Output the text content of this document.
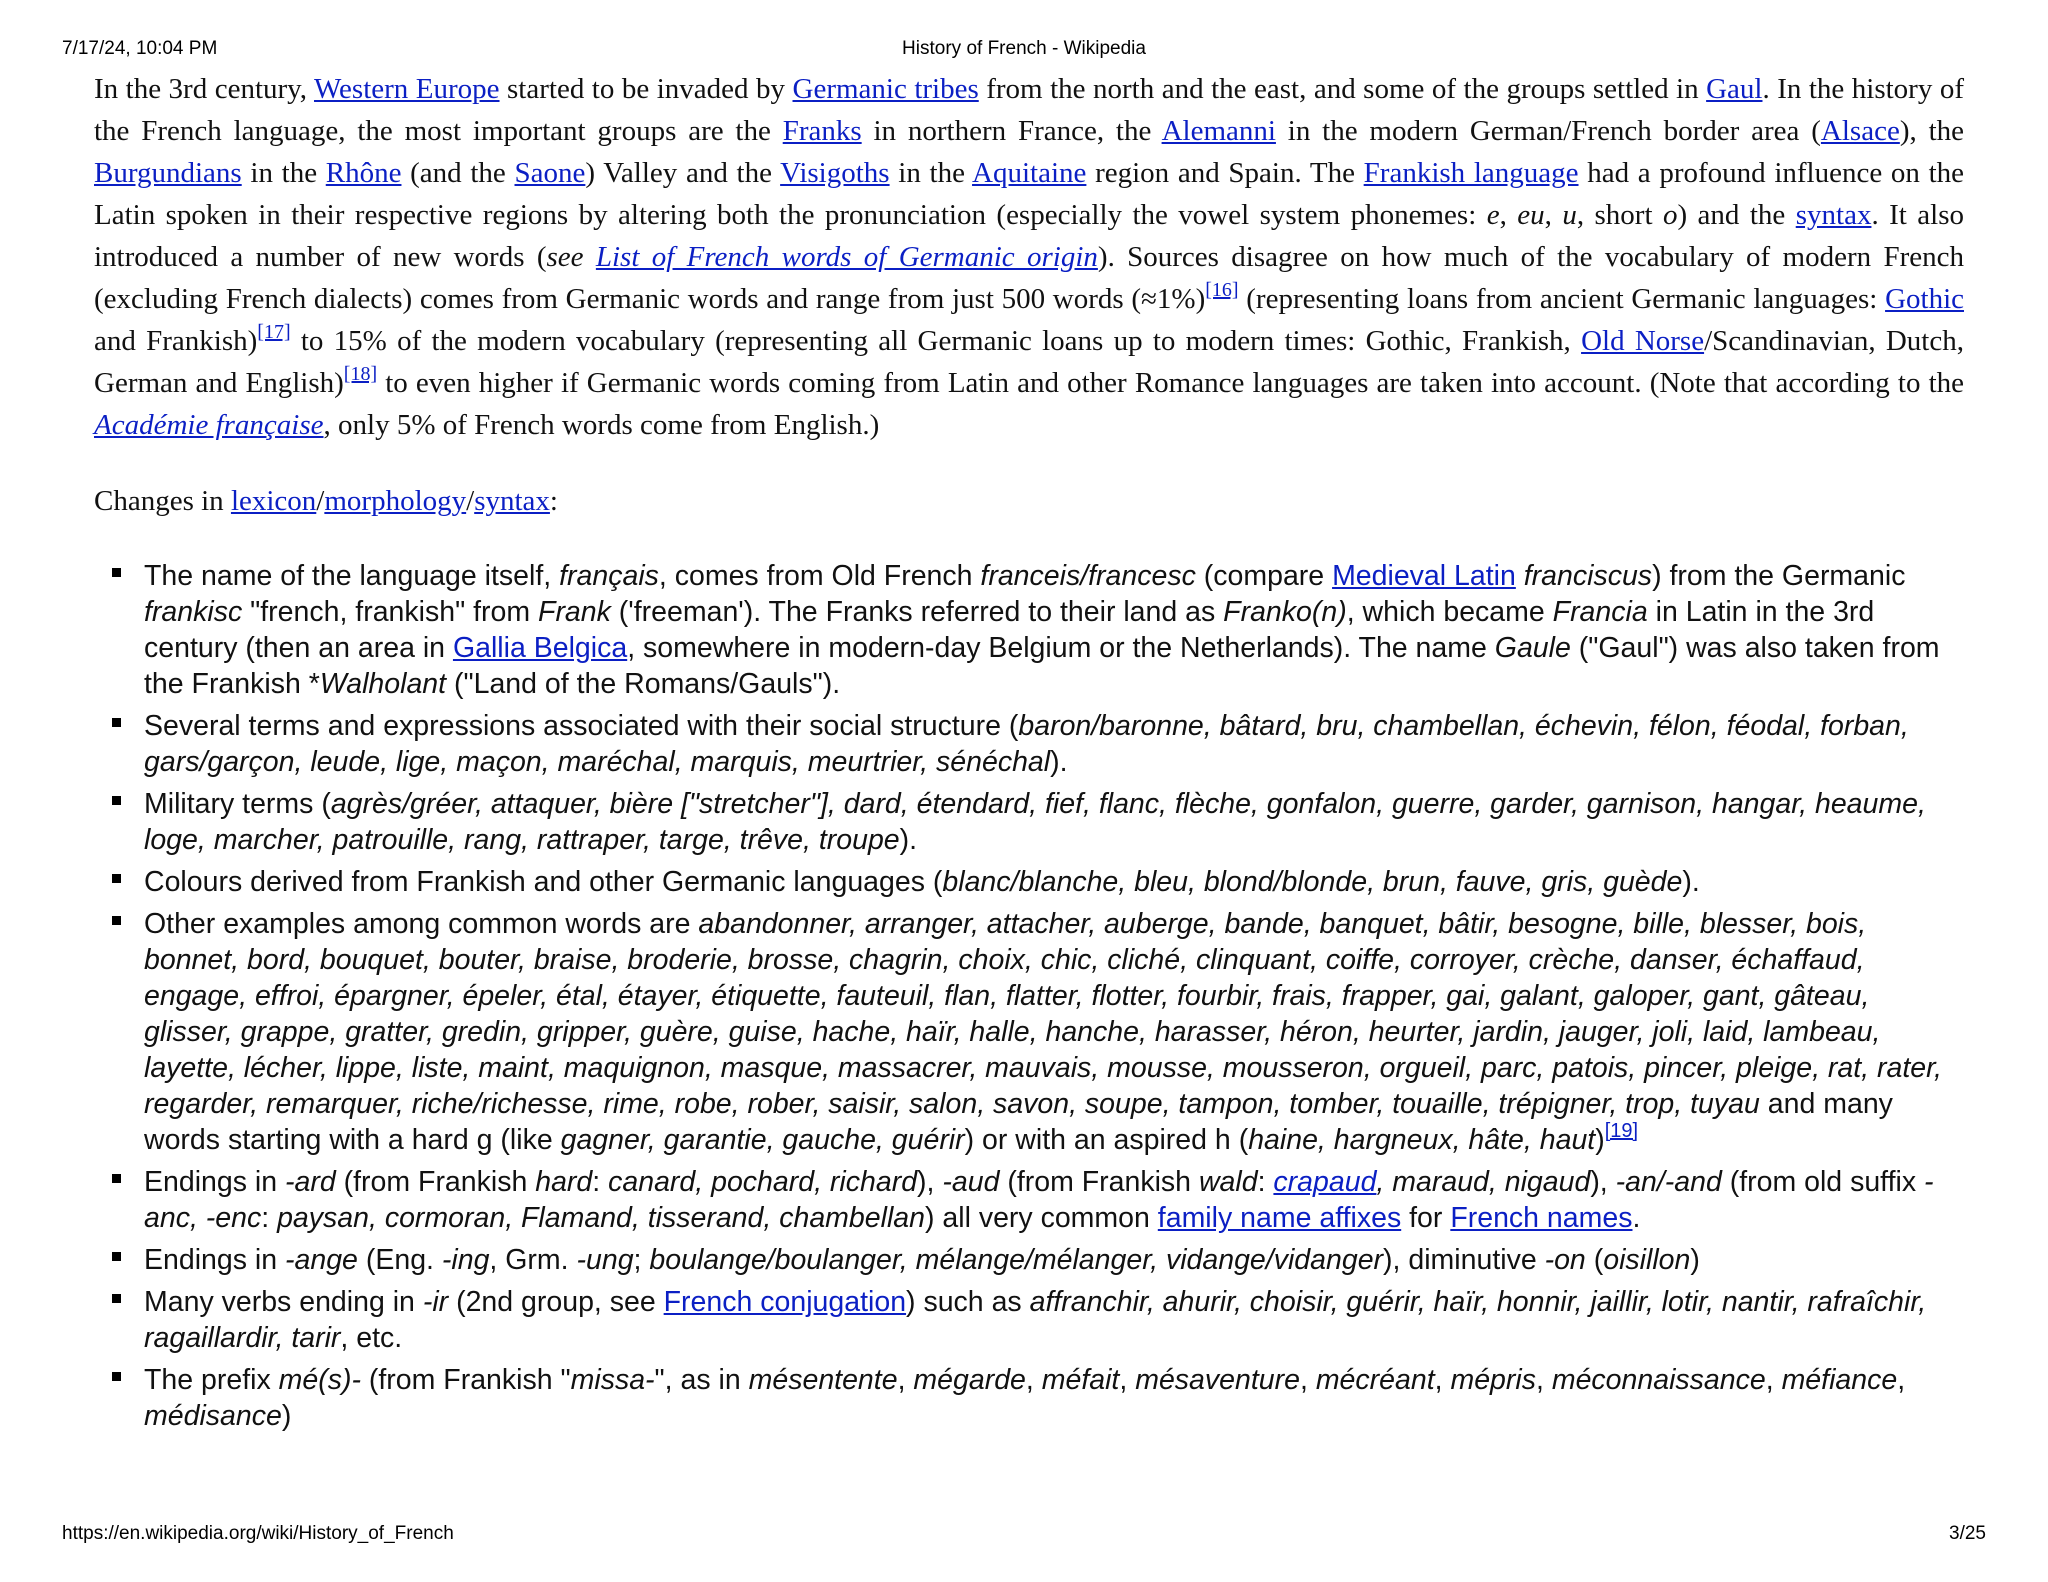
7/17/24, 10:04 PM	History of French - Wikipedia

In the 3rd century, Western Europe started to be invaded by Germanic tribes from the north and the east, and some of the groups settled in Gaul. In the history of the French language, the most important groups are the Franks in northern France, the Alemanni in the modern German/French border area (Alsace), the Burgundians in the Rhône (and the Saone) Valley and the Visigoths in the Aquitaine region and Spain. The Frankish language had a profound influence on the Latin spoken in their respective regions by altering both the pronunciation (especially the vowel system phonemes: e, eu, u, short o) and the syntax. It also introduced a number of new words (see List of French words of Germanic origin). Sources disagree on how much of the vocabulary of modern French (excluding French dialects) comes from Germanic words and range from just 500 words (≈1%)[16] (representing loans from ancient Germanic languages: Gothic and Frankish)[17] to 15% of the modern vocabulary (representing all Germanic loans up to modern times: Gothic, Frankish, Old Norse/Scandinavian, Dutch, German and English)[18] to even higher if Germanic words coming from Latin and other Romance languages are taken into account. (Note that according to the Académie française, only 5% of French words come from English.)

Changes in lexicon/morphology/syntax:

The name of the language itself, français, comes from Old French franceis/francesc (compare Medieval Latin franciscus) from the Germanic frankisc "french, frankish" from Frank ('freeman'). The Franks referred to their land as Franko(n), which became Francia in Latin in the 3rd century (then an area in Gallia Belgica, somewhere in modern-day Belgium or the Netherlands). The name Gaule ("Gaul") was also taken from the Frankish *Walholant ("Land of the Romans/Gauls").
Several terms and expressions associated with their social structure (baron/baronne, bâtard, bru, chambellan, échevin, félon, féodal, forban, gars/garçon, leude, lige, maçon, maréchal, marquis, meurtrier, sénéchal).
Military terms (agrès/gréer, attaquer, bière ["stretcher"], dard, étendard, fief, flanc, flèche, gonfalon, guerre, garder, garnison, hangar, heaume, loge, marcher, patrouille, rang, rattraper, targe, trêve, troupe).
Colours derived from Frankish and other Germanic languages (blanc/blanche, bleu, blond/blonde, brun, fauve, gris, guède).
Other examples among common words are abandonner, arranger, attacher, auberge, bande, banquet, bâtir, besogne, bille, blesser, bois, bonnet, bord, bouquet, bouter, braise, broderie, brosse, chagrin, choix, chic, cliché, clinquant, coiffe, corroyer, crèche, danser, échaffaud, engage, effroi, épargner, épeler, étal, étayer, étiquette, fauteuil, flan, flatter, flotter, fourbir, frais, frapper, gai, galant, galoper, gant, gâteau, glisser, grappe, gratter, gredin, gripper, guère, guise, hache, haïr, halle, hanche, harasser, héron, heurter, jardin, jauger, joli, laid, lambeau, layette, lécher, lippe, liste, maint, maquignon, masque, massacrer, mauvais, mousse, mousseron, orgueil, parc, patois, pincer, pleige, rat, rater, regarder, remarquer, riche/richesse, rime, robe, rober, saisir, salon, savon, soupe, tampon, tomber, touaille, trépigner, trop, tuyau and many words starting with a hard g (like gagner, garantie, gauche, guérir) or with an aspired h (haine, hargneux, hâte, haut)[19]
Endings in -ard (from Frankish hard: canard, pochard, richard), -aud (from Frankish wald: crapaud, maraud, nigaud), -an/-and (from old suffix -anc, -enc: paysan, cormoran, Flamand, tisserand, chambellan) all very common family name affixes for French names.
Endings in -ange (Eng. -ing, Grm. -ung; boulange/boulanger, mélange/mélanger, vidange/vidanger), diminutive -on (oisillon)
Many verbs ending in -ir (2nd group, see French conjugation) such as affranchir, ahurir, choisir, guérir, haïr, honnir, jaillir, lotir, nantir, rafraîchir, ragaillardir, tarir, etc.
The prefix mé(s)- (from Frankish "missa-", as in mésentente, mégarde, méfait, mésaventure, mécréant, mépris, méconnaissance, méfiance, médisance)
https://en.wikipedia.org/wiki/History_of_French	3/25
